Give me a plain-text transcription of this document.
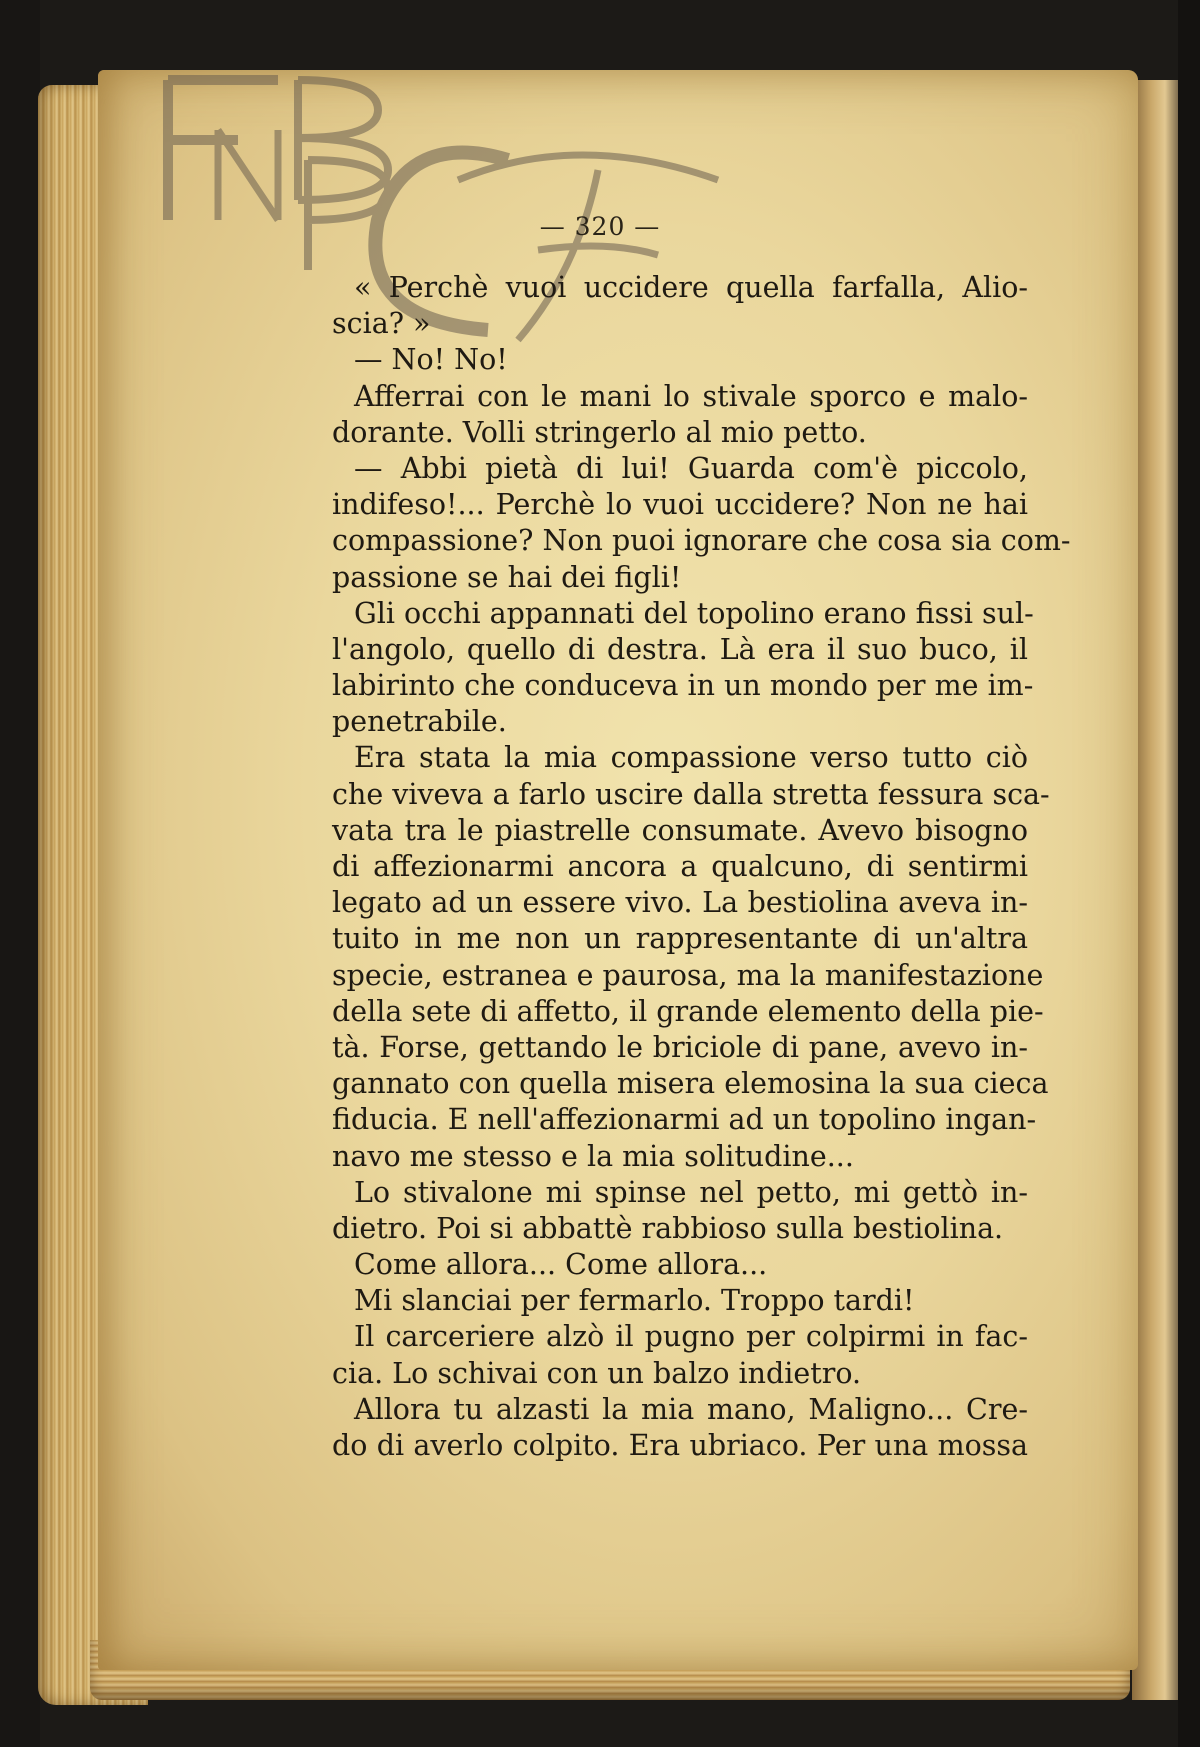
FNPCF
— 320 —
« Perchè vuoi uccidere quella farfalla, Alio-
scia? »
— No! No!
Afferrai con le mani lo stivale sporco e malo-
dorante. Volli stringerlo al mio petto.
— Abbi pietà di lui! Guarda com'è piccolo,
indifeso!... Perchè lo vuoi uccidere? Non ne hai
compassione? Non puoi ignorare che cosa sia com-
passione se hai dei figli!
Gli occhi appannati del topolino erano fissi sul-
l'angolo, quello di destra. Là era il suo buco, il
labirinto che conduceva in un mondo per me im-
penetrabile.
Era stata la mia compassione verso tutto ciò
che viveva a farlo uscire dalla stretta fessura sca-
vata tra le piastrelle consumate. Avevo bisogno
di affezionarmi ancora a qualcuno, di sentirmi
legato ad un essere vivo. La bestiolina aveva in-
tuito in me non un rappresentante di un'altra
specie, estranea e paurosa, ma la manifestazione
della sete di affetto, il grande elemento della pie-
tà. Forse, gettando le briciole di pane, avevo in-
gannato con quella misera elemosina la sua cieca
fiducia. E nell'affezionarmi ad un topolino ingan-
navo me stesso e la mia solitudine...
Lo stivalone mi spinse nel petto, mi gettò in-
dietro. Poi si abbattè rabbioso sulla bestiolina.
Come allora... Come allora...
Mi slanciai per fermarlo. Troppo tardi!
Il carceriere alzò il pugno per colpirmi in fac-
cia. Lo schivai con un balzo indietro.
Allora tu alzasti la mia mano, Maligno... Cre-
do di averlo colpito. Era ubriaco. Per una mossa
